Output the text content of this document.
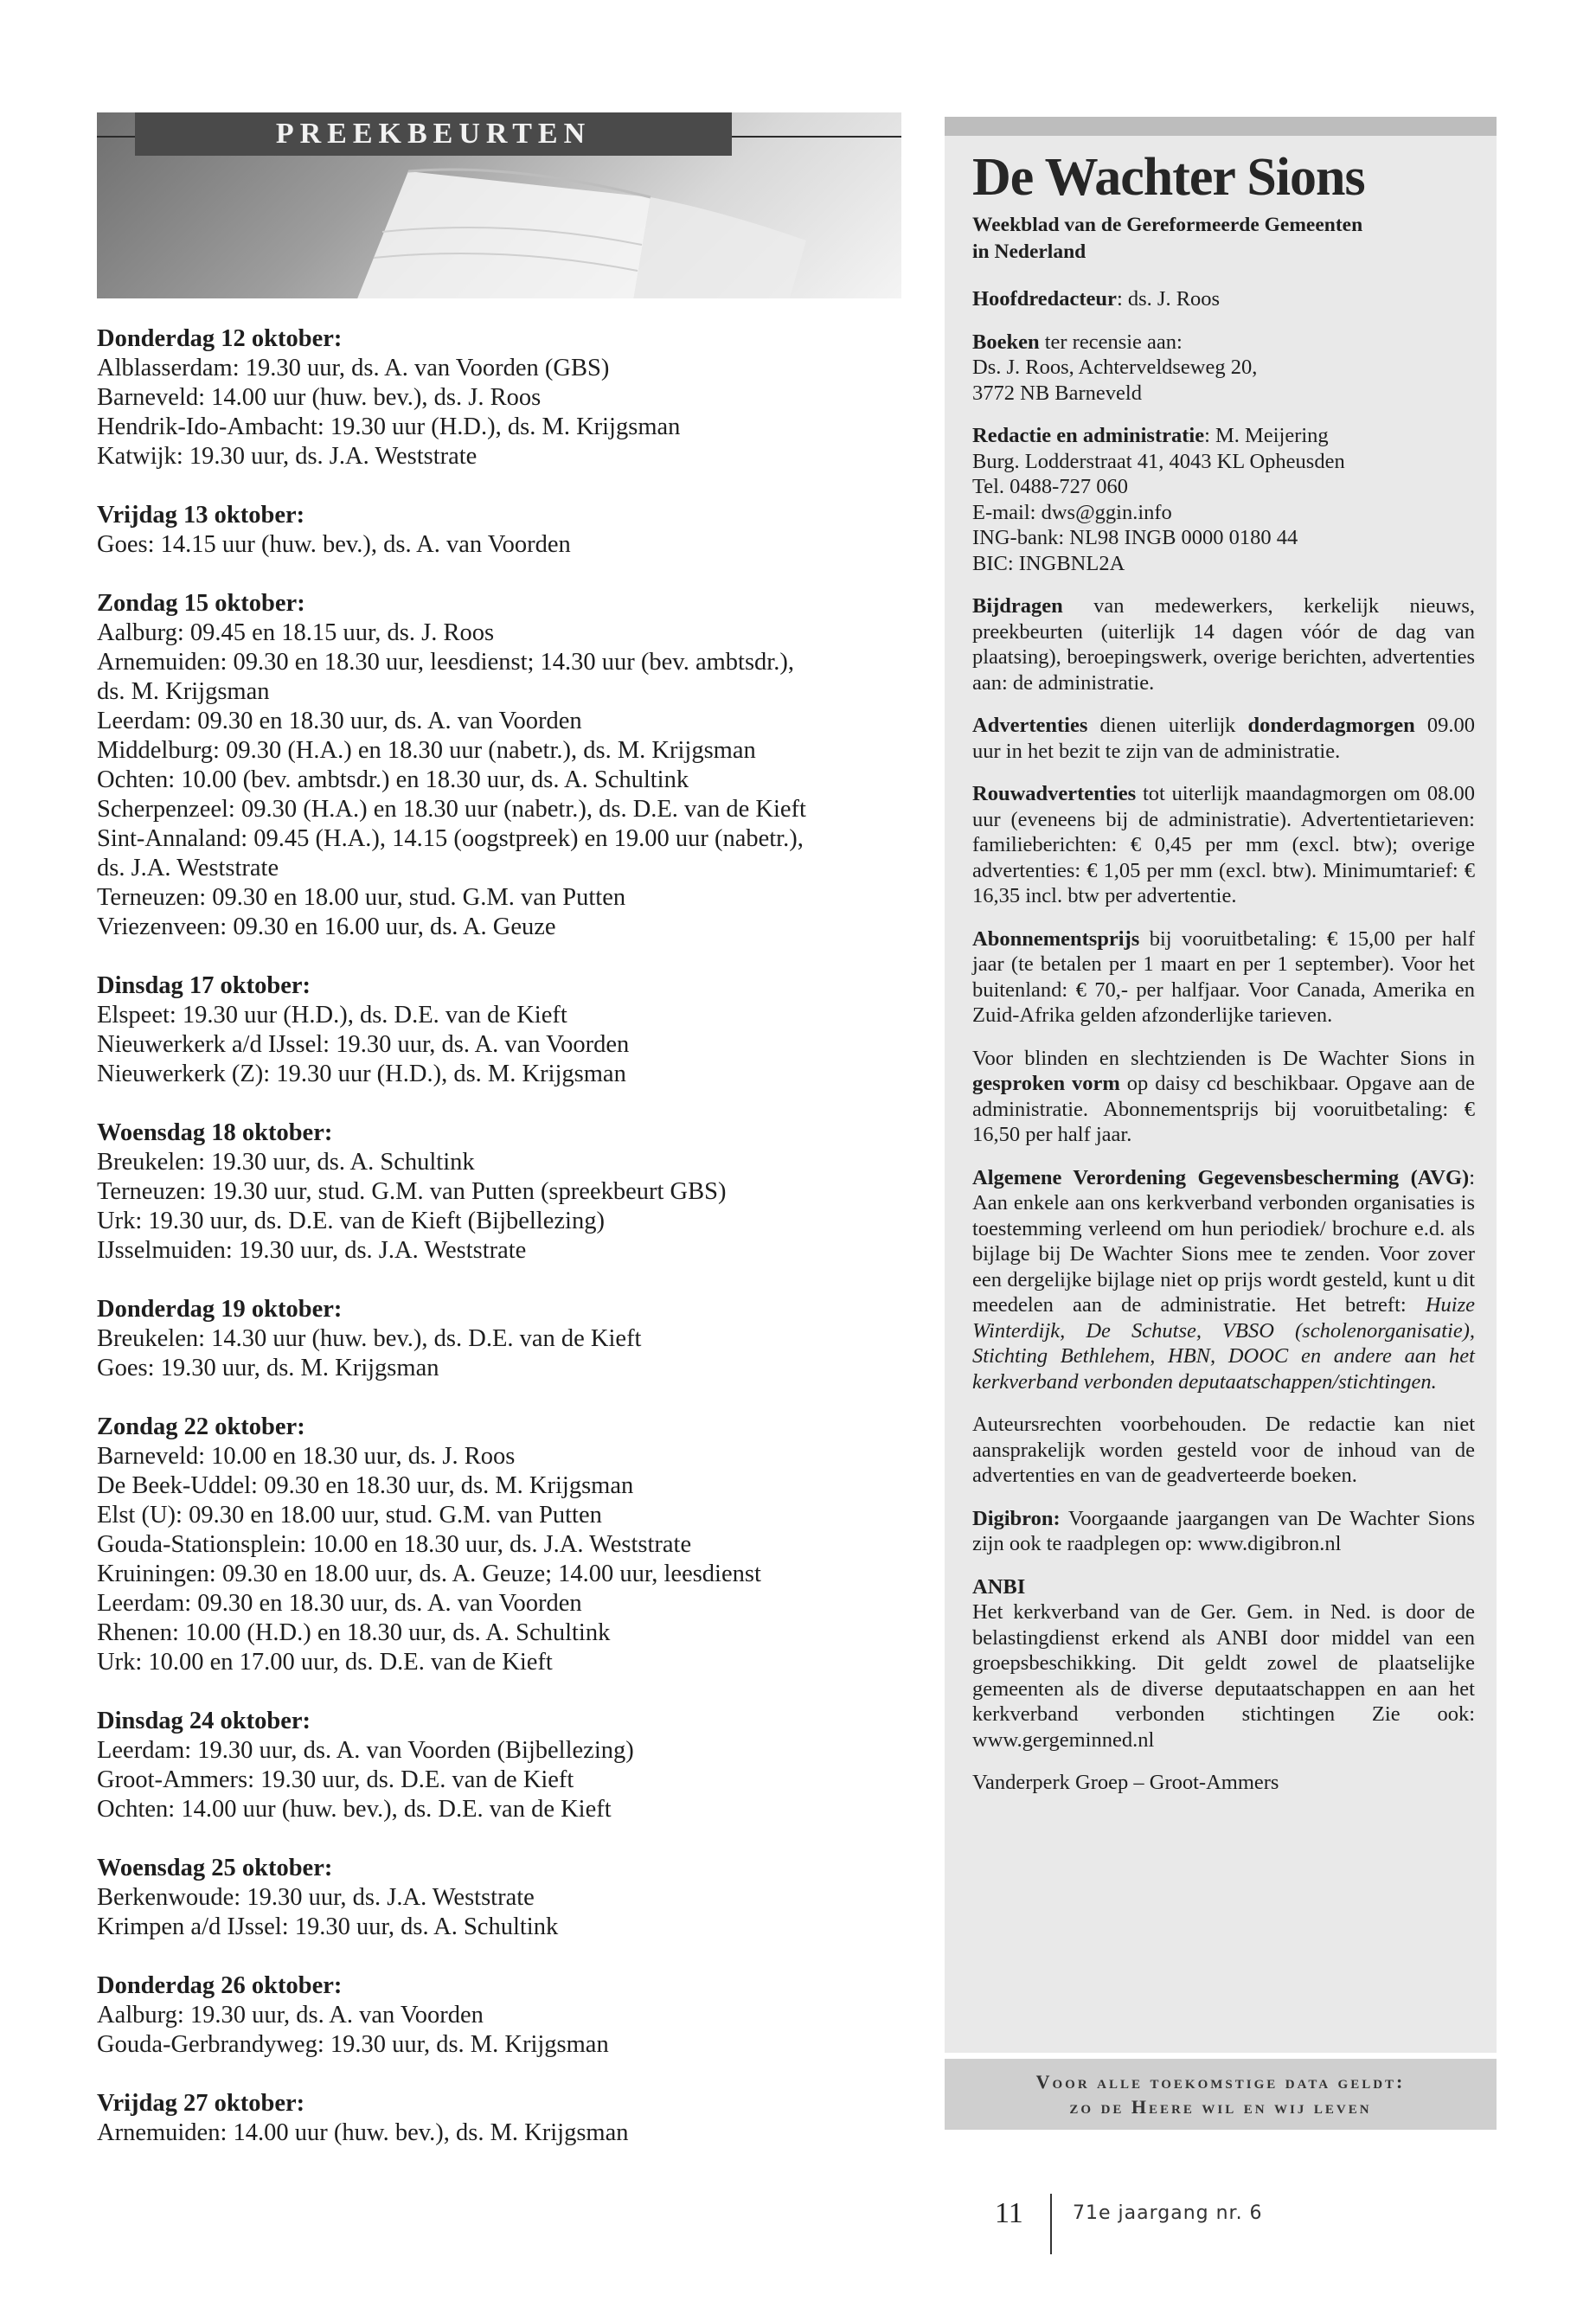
PREEKBEURTEN
Donderdag 12 oktober:
Alblasserdam: 19.30 uur, ds. A. van Voorden (GBS)
Barneveld: 14.00 uur (huw. bev.), ds. J. Roos
Hendrik-Ido-Ambacht: 19.30 uur (H.D.), ds. M. Krijgsman
Katwijk: 19.30 uur, ds. J.A. Weststrate
Vrijdag 13 oktober:
Goes: 14.15 uur (huw. bev.), ds. A. van Voorden
Zondag 15 oktober:
Aalburg: 09.45 en 18.15 uur, ds. J. Roos
Arnemuiden: 09.30 en 18.30 uur, leesdienst; 14.30 uur (bev. ambtsdr.),
ds. M. Krijgsman
Leerdam: 09.30 en 18.30 uur, ds. A. van Voorden
Middelburg: 09.30 (H.A.) en 18.30 uur (nabetr.), ds. M. Krijgsman
Ochten: 10.00 (bev. ambtsdr.) en 18.30 uur, ds. A. Schultink
Scherpenzeel: 09.30 (H.A.) en 18.30 uur (nabetr.), ds. D.E. van de Kieft
Sint-Annaland: 09.45 (H.A.), 14.15 (oogstpreek) en 19.00 uur (nabetr.),
ds. J.A. Weststrate
Terneuzen: 09.30 en 18.00 uur, stud. G.M. van Putten
Vriezenveen: 09.30 en 16.00 uur, ds. A. Geuze
Dinsdag 17 oktober:
Elspeet: 19.30 uur (H.D.), ds. D.E. van de Kieft
Nieuwerkerk a/d IJssel: 19.30 uur, ds. A. van Voorden
Nieuwerkerk (Z): 19.30 uur (H.D.), ds. M. Krijgsman
Woensdag 18 oktober:
Breukelen: 19.30 uur, ds. A. Schultink
Terneuzen: 19.30 uur, stud. G.M. van Putten (spreekbeurt GBS)
Urk: 19.30 uur, ds. D.E. van de Kieft (Bijbellezing)
IJsselmuiden: 19.30 uur, ds. J.A. Weststrate
Donderdag 19 oktober:
Breukelen: 14.30 uur (huw. bev.), ds. D.E. van de Kieft
Goes: 19.30 uur, ds. M. Krijgsman
Zondag 22 oktober:
Barneveld: 10.00 en 18.30 uur, ds. J. Roos
De Beek-Uddel: 09.30 en 18.30 uur, ds. M. Krijgsman
Elst (U): 09.30 en 18.00 uur, stud. G.M. van Putten
Gouda-Stationsplein: 10.00 en 18.30 uur, ds. J.A. Weststrate
Kruiningen: 09.30 en 18.00 uur, ds. A. Geuze; 14.00 uur, leesdienst
Leerdam: 09.30 en 18.30 uur, ds. A. van Voorden
Rhenen: 10.00 (H.D.) en 18.30 uur, ds. A. Schultink
Urk: 10.00 en 17.00 uur, ds. D.E. van de Kieft
Dinsdag 24 oktober:
Leerdam: 19.30 uur, ds. A. van Voorden (Bijbellezing)
Groot-Ammers: 19.30 uur, ds. D.E. van de Kieft
Ochten: 14.00 uur (huw. bev.), ds. D.E. van de Kieft
Woensdag 25 oktober:
Berkenwoude: 19.30 uur, ds. J.A. Weststrate
Krimpen a/d IJssel: 19.30 uur, ds. A. Schultink
Donderdag 26 oktober:
Aalburg: 19.30 uur, ds. A. van Voorden
Gouda-Gerbrandyweg: 19.30 uur, ds. M. Krijgsman
Vrijdag 27 oktober:
Arnemuiden: 14.00 uur (huw. bev.), ds. M. Krijgsman
De Wachter Sions
Weekblad van de Gereformeerde Gemeenten
in Nederland
Hoofdredacteur: ds. J. Roos
Boeken ter recensie aan:
Ds. J. Roos, Achterveldseweg 20,
3772 NB Barneveld
Redactie en administratie: M. Meijering
Burg. Lodderstraat 41, 4043 KL Opheusden
Tel. 0488-727 060
E-mail: dws@ggin.info
ING-bank: NL98 INGB 0000 0180 44
BIC: INGBNL2A
Bijdragen van medewerkers, kerkelijk nieuws, preekbeurten (uiterlijk 14 dagen vóór de dag van plaatsing), beroepingswerk, overige berichten, advertenties aan: de administratie.
Advertenties dienen uiterlijk donderdagmorgen 09.00 uur in het bezit te zijn van de administratie.
Rouwadvertenties tot uiterlijk maandagmorgen om 08.00 uur (eveneens bij de administratie). Advertentietarieven: familieberichten: € 0,45 per mm (excl. btw); overige advertenties: € 1,05 per mm (excl. btw). Minimumtarief: € 16,35 incl. btw per advertentie.
Abonnementsprijs bij vooruitbetaling: € 15,00 per half jaar (te betalen per 1 maart en per 1 september). Voor het buitenland: € 70,- per halfjaar. Voor Canada, Amerika en Zuid-Afrika gelden afzonderlijke tarieven.
Voor blinden en slechtzienden is De Wachter Sions in gesproken vorm op daisy cd beschikbaar. Opgave aan de administratie. Abonnementsprijs bij vooruitbetaling: € 16,50 per half jaar.
Algemene Verordening Gegevensbescherming (AVG): Aan enkele aan ons kerkverband verbonden organisaties is toestemming verleend om hun periodiek/ brochure e.d. als bijlage bij De Wachter Sions mee te zenden. Voor zover een dergelijke bijlage niet op prijs wordt gesteld, kunt u dit meedelen aan de administratie. Het betreft: Huize Winterdijk, De Schutse, VBSO (scholenorganisatie), Stichting Bethlehem, HBN, DOOC en andere aan het kerkverband verbonden deputaatschappen/stichtingen.
Auteursrechten voorbehouden. De redactie kan niet aansprakelijk worden gesteld voor de inhoud van de advertenties en van de geadverteerde boeken.
Digibron: Voorgaande jaargangen van De Wachter Sions zijn ook te raadplegen op: www.digibron.nl
ANBI
Het kerkverband van de Ger. Gem. in Ned. is door de belastingdienst erkend als ANBI door middel van een groepsbeschikking. Dit geldt zowel de plaatselijke gemeenten als de diverse deputaatschappen en aan het kerkverband verbonden stichtingen Zie ook: www.gergeminned.nl
Vanderperk Groep – Groot-Ammers
Voor alle toekomstige data geldt:
zo de Heere wil en wij leven
11	71e jaargang nr. 6
